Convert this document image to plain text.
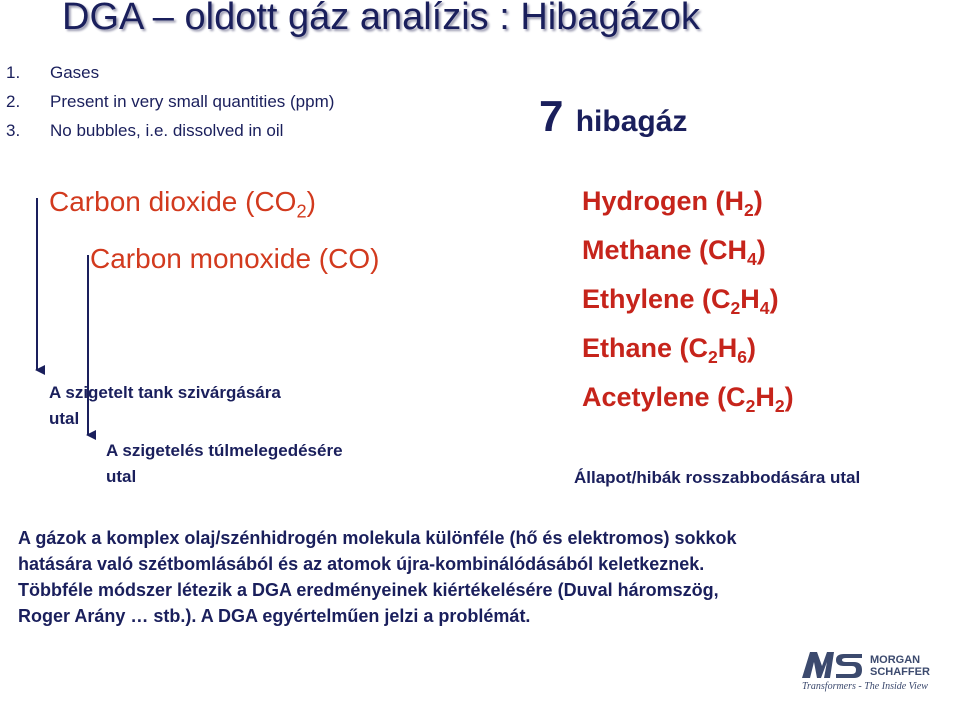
DGA – oldott gáz analízis : Hibagázok
1. Gases
2. Present in very small quantities (ppm)
3. No bubbles, i.e. dissolved in oil	7 hibagáz
Carbon dioxide $(CO_2)$
Carbon monoxide (CO)
A szigetelt tank szivárgására
utal
A szigetelés túlmelegedésére
utal
Hydrogen $(H_2)$
Methane $(CH_4)$
Ethylene $(C_2H_4)$
Ethane $(C_2H_6)$
Acetylene $(C_2H_2)$
Állapot/hibák rosszabbodására utal
A gázok a komplex olaj/szénhidrogén molekula különféle (hő és elektromos) sokkok
hatására való szétbomlásából és az atomok újra-kombinálódásából keletkeznek.
Többféle módszer létezik a DGA eredményeinek kiértékelésére (Duval háromszög,
Roger Arány … stb.). A DGA egyértelműen jelzi a problémát.
MORGAN
SCHAFFER
Transformers - The Inside View
